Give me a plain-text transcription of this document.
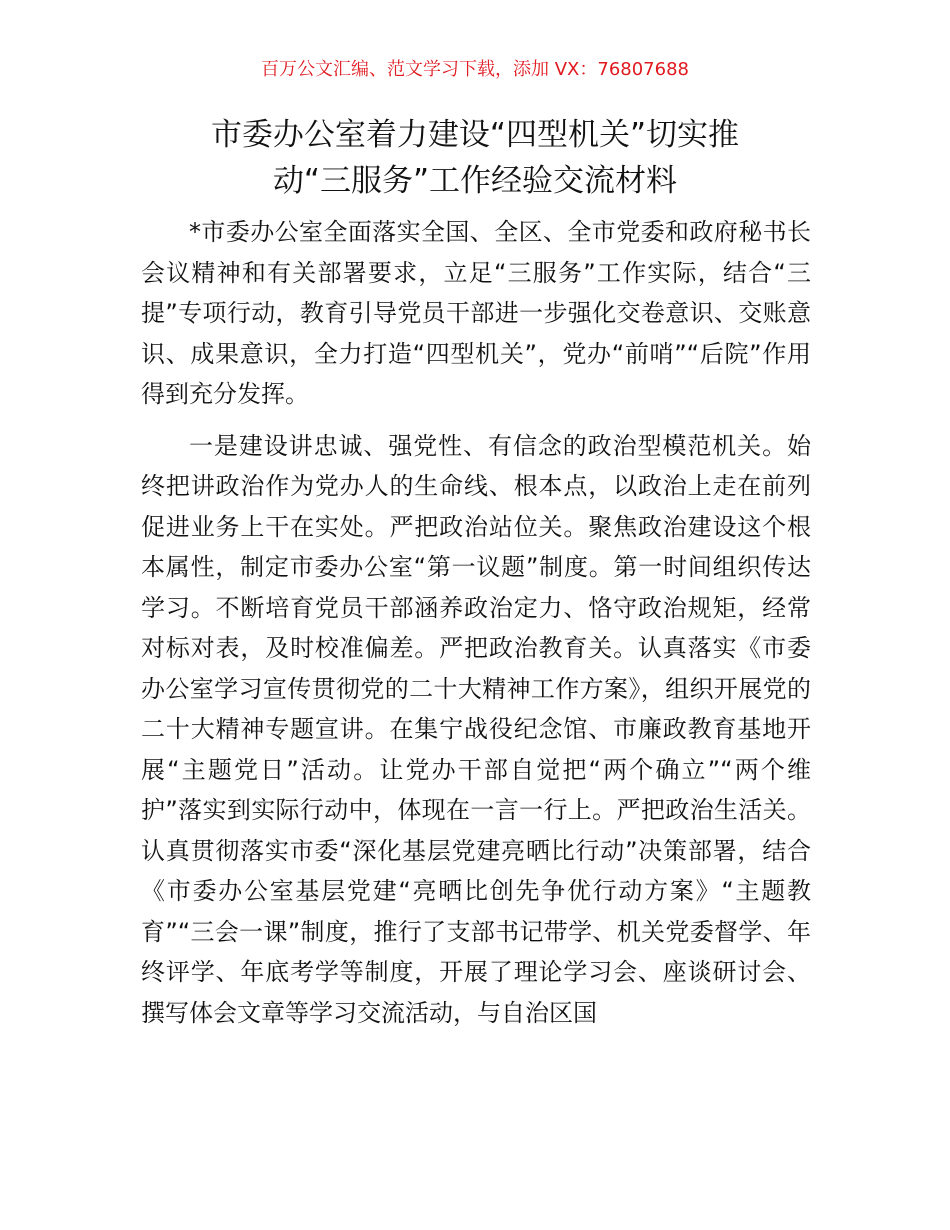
百万公文汇编、范文学习下载，添加 VX：76807688
市委办公室着力建设“四型机关”切实推
动“三服务”工作经验交流材料

*市委办公室全面落实全国、全区、全市党委和政府秘书长会议精神和有关部署要求，立足“三服务”工作实际，结合“三提”专项行动，教育引导党员干部进一步强化交卷意识、交账意识、成果意识，全力打造“四型机关”，党办“前哨”“后院”作用得到充分发挥。

一是建设讲忠诚、强党性、有信念的政治型模范机关。始终把讲政治作为党办人的生命线、根本点，以政治上走在前列促进业务上干在实处。严把政治站位关。聚焦政治建设这个根本属性，制定市委办公室“第一议题”制度。第一时间组织传达学习。不断培育党员干部涵养政治定力、恪守政治规矩，经常对标对表，及时校准偏差。严把政治教育关。认真落实《市委办公室学习宣传贯彻党的二十大精神工作方案》，组织开展党的二十大精神专题宣讲。在集宁战役纪念馆、市廉政教育基地开展“主题党日”活动。让党办干部自觉把“两个确立”“两个维护”落实到实际行动中，体现在一言一行上。严把政治生活关。认真贯彻落实市委“深化基层党建亮晒比行动”决策部署，结合《市委办公室基层党建“亮晒比创先争优行动方案》“主题教育”“三会一课”制度，推行了支部书记带学、机关党委督学、年终评学、年底考学等制度，开展了理论学习会、座谈研讨会、撰写体会文章等学习交流活动，与自治区国
